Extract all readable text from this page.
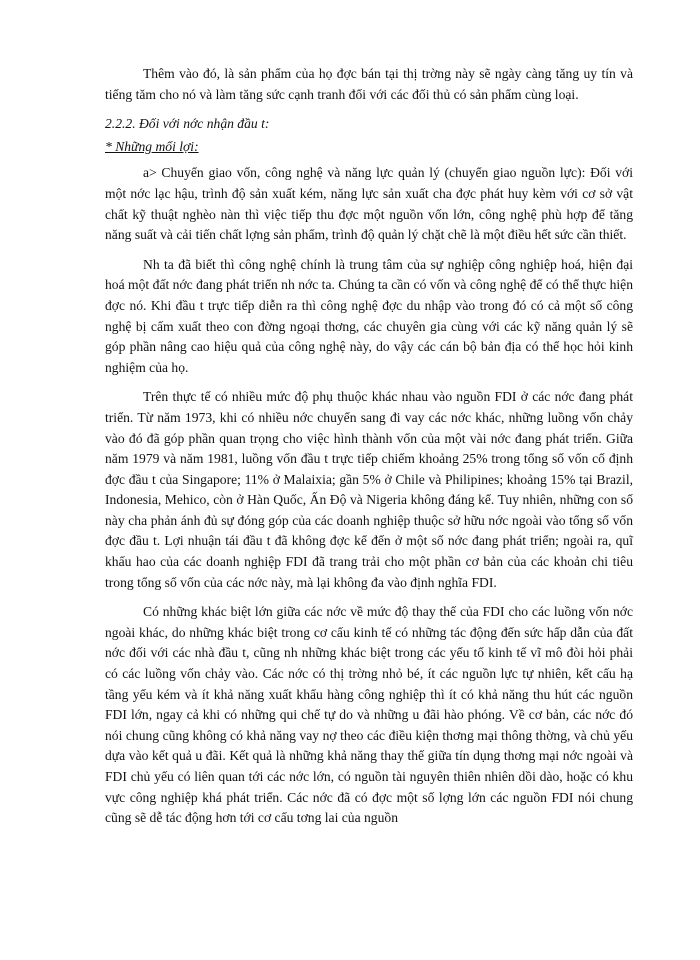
Thêm vào đó, là sản phẩm của họ đợc bán tại thị trờng này sẽ ngày càng tăng uy tín và tiếng tăm cho nó và làm tăng sức cạnh tranh đối với các đối thủ có sản phẩm cùng loại.

2.2.2. Đối với nớc nhận đầu t:

* Những mối lợi:

a> Chuyển giao vốn, công nghệ và năng lực quản lý (chuyển giao nguồn lực): Đối với một nớc lạc hậu, trình độ sản xuất kém, năng lực sản xuất cha đợc phát huy kèm với cơ sở vật chất kỹ thuật nghèo nàn thì việc tiếp thu đợc một nguồn vốn lớn, công nghệ phù hợp để tăng năng suất và cải tiến chất lợng sản phẩm, trình độ quản lý chặt chẽ là một điều hết sức cần thiết.

Nh ta đã biết thì công nghệ chính là trung tâm của sự nghiệp công nghiệp hoá, hiện đại hoá một đất nớc đang phát triển nh nớc ta. Chúng ta cần có vốn và công nghệ để có thể thực hiện đợc nó. Khi đầu t trực tiếp diễn ra thì công nghệ đợc du nhập vào trong đó có cả một số công nghệ bị cấm xuất theo con đờng ngoại thơng, các chuyên gia cùng với các kỹ năng quản lý sẽ góp phần nâng cao hiệu quả của công nghệ này, do vậy các cán bộ bản địa có thể học hỏi kinh nghiệm của họ.

Trên thực tế có nhiều mức độ phụ thuộc khác nhau vào nguồn FDI ở các nớc đang phát triển. Từ năm 1973, khi có nhiều nớc chuyển sang đi vay các nớc khác, những luồng vốn chảy vào đó đã góp phần quan trọng cho việc hình thành vốn của một vài nớc đang phát triển. Giữa năm 1979 và năm 1981, luồng vốn đầu t trực tiếp chiếm khoảng 25% trong tổng số vốn cố định đợc đầu t của Singapore; 11% ở Malaixia; gần 5% ở Chile và Philipines; khoảng 15% tại Brazil, Indonesia, Mehico, còn ở Hàn Quốc, Ấn Độ và Nigeria không đáng kể. Tuy nhiên, những con số này cha phản ánh đủ sự đóng góp của các doanh nghiệp thuộc sở hữu nớc ngoài vào tổng số vốn đợc đầu t. Lợi nhuận tái đầu t đã không đợc kể đến ở một số nớc đang phát triển; ngoài ra, quĩ khấu hao của các doanh nghiệp FDI đã trang trải cho một phần cơ bản của các khoản chi tiêu trong tổng số vốn của các nớc này, mà lại không đa vào định nghĩa FDI.

Có những khác biệt lớn giữa các nớc về mức độ thay thế của FDI cho các luồng vốn nớc ngoài khác, do những khác biệt trong cơ cấu kinh tế có những tác động đến sức hấp dẫn của đất nớc đối với các nhà đầu t, cũng nh những khác biệt trong các yếu tố kinh tế vĩ mô đòi hỏi phải có các luồng vốn chảy vào. Các nớc có thị trờng nhỏ bé, ít các nguồn lực tự nhiên, kết cấu hạ tầng yếu kém và ít khả năng xuất khẩu hàng công nghiệp thì ít có khả năng thu hút các nguồn FDI lớn, ngay cả khi có những qui chế tự do và những u đãi hào phóng. Về cơ bản, các nớc đó nói chung cũng không có khả năng vay nợ theo các điều kiện thơng mại thông thờng, và chủ yếu dựa vào kết quả u đãi. Kết quả là những khả năng thay thế giữa tín dụng thơng mại nớc ngoài và FDI chủ yếu có liên quan tới các nớc lớn, có nguồn tài nguyên thiên nhiên dồi dào, hoặc có khu vực công nghiệp khá phát triển. Các nớc đã có đợc một số lợng lớn các nguồn FDI nói chung cũng sẽ dễ tác động hơn tới cơ cấu tơng lai của nguồn
